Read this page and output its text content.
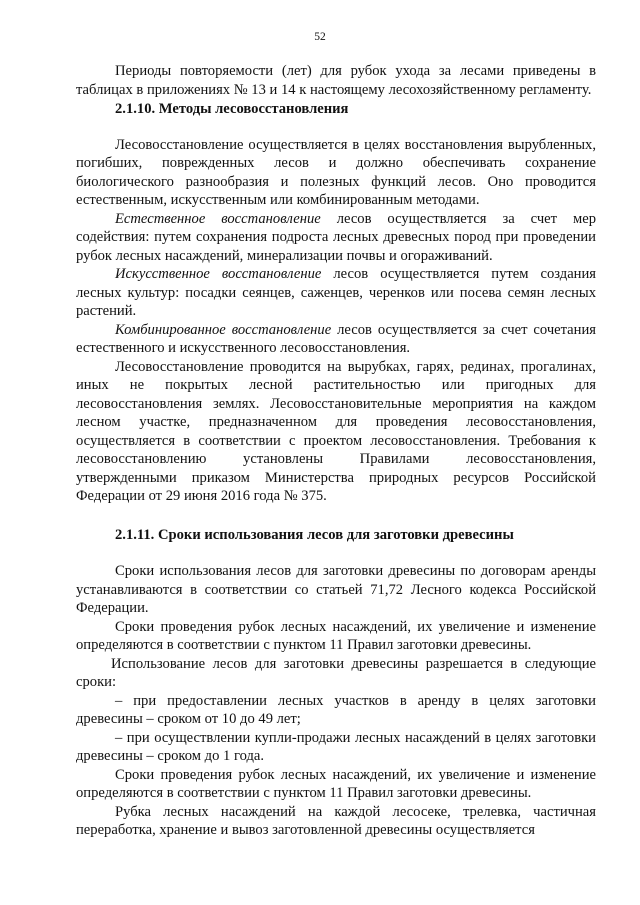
52

Периоды повторяемости (лет) для рубок ухода за лесами приведены в таблицах в приложениях № 13 и 14 к настоящему лесохозяйственному регламенту.

2.1.10. Методы лесовосстановления

Лесовосстановление осуществляется в целях восстановления вырубленных, погибших, поврежденных лесов и должно обеспечивать сохранение биологического разнообразия и полезных функций лесов. Оно проводится естественным, искусственным или комбинированным методами.

Естественное восстановление лесов осуществляется за счет мер содействия: путем сохранения подроста лесных древесных пород при проведении рубок лесных насаждений, минерализации почвы и огораживаний.

Искусственное восстановление лесов осуществляется путем создания лесных культур: посадки сеянцев, саженцев, черенков или посева семян лесных растений.

Комбинированное восстановление лесов осуществляется за счет сочетания естественного и искусственного лесовосстановления.

Лесовосстановление проводится на вырубках, гарях, рединах, прогалинах, иных не покрытых лесной растительностью или пригодных для лесовосстановления землях. Лесовосстановительные мероприятия на каждом лесном участке, предназначенном для проведения лесовосстановления, осуществляется в соответствии с проектом лесовосстановления. Требования к лесовосстановлению установлены Правилами лесовосстановления, утвержденными приказом Министерства природных ресурсов Российской Федерации от 29 июня 2016 года № 375.

2.1.11. Сроки использования лесов для заготовки древесины

Сроки использования лесов для заготовки древесины по договорам аренды устанавливаются в соответствии со статьей 71,72 Лесного кодекса Российской Федерации.

Сроки проведения рубок лесных насаждений, их увеличение и изменение определяются в соответствии с пунктом 11 Правил заготовки древесины.

Использование лесов для заготовки древесины разрешается в следующие сроки:

– при предоставлении лесных участков в аренду в целях заготовки древесины – сроком от 10 до 49 лет;

– при осуществлении купли-продажи лесных насаждений в целях заготовки древесины – сроком до 1 года.

Сроки проведения рубок лесных насаждений, их увеличение и изменение определяются в соответствии с пунктом 11 Правил заготовки древесины.

Рубка лесных насаждений на каждой лесосеке, трелевка, частичная переработка, хранение и вывоз заготовленной древесины осуществляется
